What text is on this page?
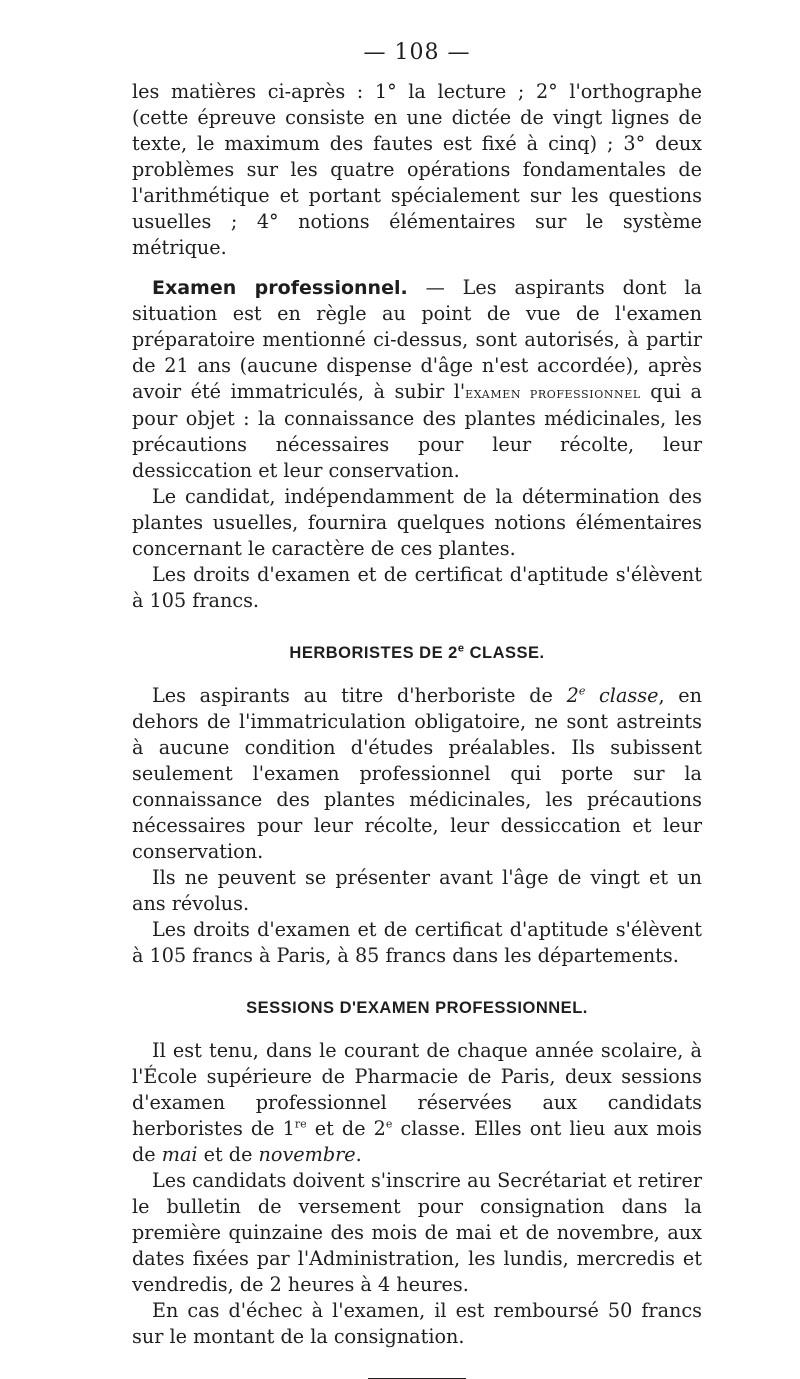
— 108 —

les matières ci-après : 1° la lecture ; 2° l'orthographe (cette épreuve consiste en une dictée de vingt lignes de texte, le maximum des fautes est fixé à cinq) ; 3° deux problèmes sur les quatre opérations fondamentales de l'arithmétique et portant spécialement sur les questions usuelles ; 4° notions élémentaires sur le système métrique.

Examen professionnel. — Les aspirants dont la situation est en règle au point de vue de l'examen préparatoire mentionné ci-dessus, sont autorisés, à partir de 21 ans (aucune dispense d'âge n'est accordée), après avoir été immatriculés, à subir l'examen professionnel qui a pour objet : la connaissance des plantes médicinales, les précautions nécessaires pour leur récolte, leur dessiccation et leur conservation.

Le candidat, indépendamment de la détermination des plantes usuelles, fournira quelques notions élémentaires concernant le caractère de ces plantes.

Les droits d'examen et de certificat d'aptitude s'élèvent à 105 francs.

HERBORISTES DE 2e CLASSE.

Les aspirants au titre d'herboriste de 2e classe, en dehors de l'immatriculation obligatoire, ne sont astreints à aucune condition d'études préalables. Ils subissent seulement l'examen professionnel qui porte sur la connaissance des plantes médicinales, les précautions nécessaires pour leur récolte, leur dessiccation et leur conservation.

Ils ne peuvent se présenter avant l'âge de vingt et un ans révolus.

Les droits d'examen et de certificat d'aptitude s'élèvent à 105 francs à Paris, à 85 francs dans les départements.

SESSIONS D'EXAMEN PROFESSIONNEL.

Il est tenu, dans le courant de chaque année scolaire, à l'École supérieure de Pharmacie de Paris, deux sessions d'examen professionnel réservées aux candidats herboristes de 1re et de 2e classe. Elles ont lieu aux mois de mai et de novembre.

Les candidats doivent s'inscrire au Secrétariat et retirer le bulletin de versement pour consignation dans la première quinzaine des mois de mai et de novembre, aux dates fixées par l'Administration, les lundis, mercredis et vendredis, de 2 heures à 4 heures.

En cas d'échec à l'examen, il est remboursé 50 francs sur le montant de la consignation.
